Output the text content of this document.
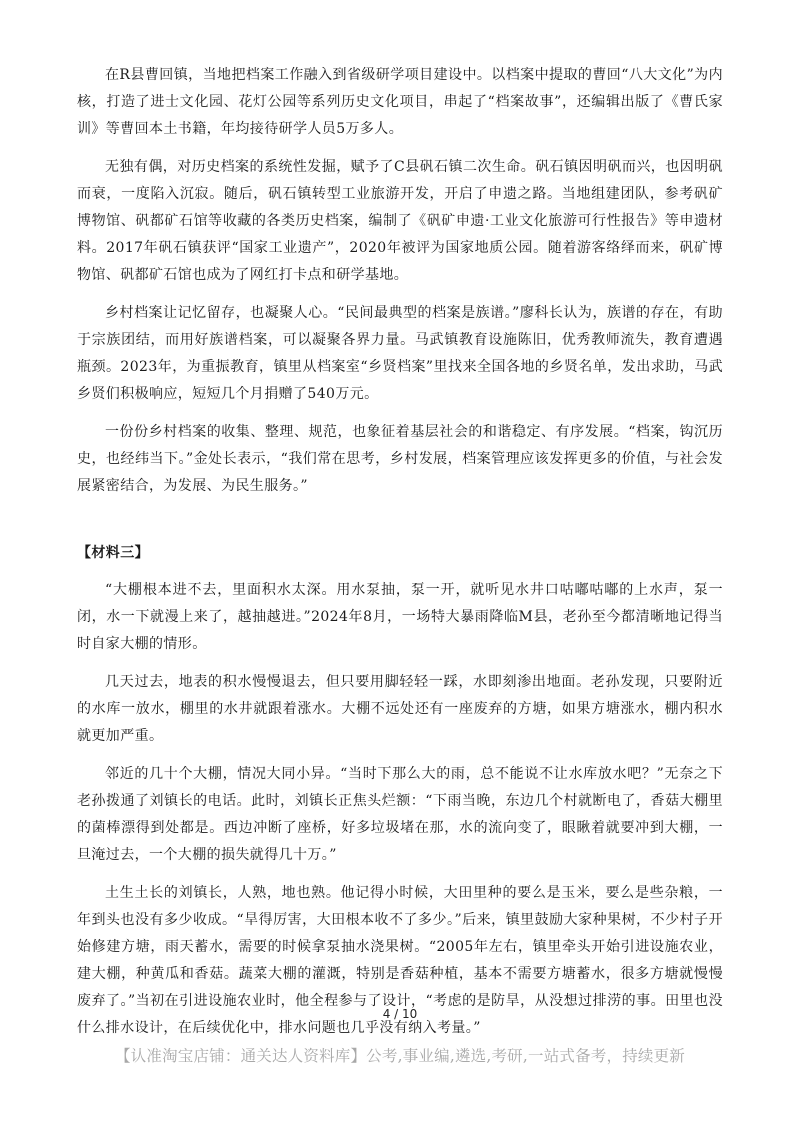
在R县曹回镇，当地把档案工作融入到省级研学项目建设中。以档案中提取的曹回“八大文化”为内核，打造了进士文化园、花灯公园等系列历史文化项目，串起了“档案故事”，还编辑出版了《曹氏家训》等曹回本土书籍，年均接待研学人员5万多人。

无独有偶，对历史档案的系统性发掘，赋予了C县矾石镇二次生命。矾石镇因明矾而兴，也因明矾而衰，一度陷入沉寂。随后，矾石镇转型工业旅游开发，开启了申遗之路。当地组建团队，参考矾矿博物馆、矾都矿石馆等收藏的各类历史档案，编制了《矾矿申遗·工业文化旅游可行性报告》等申遗材料。2017年矾石镇获评“国家工业遗产”，2020年被评为国家地质公园。随着游客络绎而来，矾矿博物馆、矾都矿石馆也成为了网红打卡点和研学基地。

乡村档案让记忆留存，也凝聚人心。“民间最典型的档案是族谱。”廖科长认为，族谱的存在，有助于宗族团结，而用好族谱档案，可以凝聚各界力量。马武镇教育设施陈旧，优秀教师流失，教育遭遇瓶颈。2023年，为重振教育，镇里从档案室“乡贤档案”里找来全国各地的乡贤名单，发出求助，马武乡贤们积极响应，短短几个月捐赠了540万元。

一份份乡村档案的收集、整理、规范，也象征着基层社会的和谐稳定、有序发展。“档案，钩沉历史，也经纬当下。”金处长表示，“我们常在思考，乡村发展，档案管理应该发挥更多的价值，与社会发展紧密结合，为发展、为民生服务。”

【材料三】

“大棚根本进不去，里面积水太深。用水泵抽，泵一开，就听见水井口咕嘟咕嘟的上水声，泵一闭，水一下就漫上来了，越抽越进。”2024年8月，一场特大暴雨降临M县，老孙至今都清晰地记得当时自家大棚的情形。

几天过去，地表的积水慢慢退去，但只要用脚轻轻一踩，水即刻渗出地面。老孙发现，只要附近的水库一放水，棚里的水井就跟着涨水。大棚不远处还有一座废弃的方塘，如果方塘涨水，棚内积水就更加严重。

邻近的几十个大棚，情况大同小异。“当时下那么大的雨，总不能说不让水库放水吧？”无奈之下老孙拨通了刘镇长的电话。此时，刘镇长正焦头烂额：“下雨当晚，东边几个村就断电了，香菇大棚里的菌棒漂得到处都是。西边冲断了座桥，好多垃圾堵在那，水的流向变了，眼瞅着就要冲到大棚，一旦淹过去，一个大棚的损失就得几十万。”

土生土长的刘镇长，人熟，地也熟。他记得小时候，大田里种的要么是玉米，要么是些杂粮，一年到头也没有多少收成。“旱得厉害，大田根本收不了多少。”后来，镇里鼓励大家种果树，不少村子开始修建方塘，雨天蓄水，需要的时候拿泵抽水浇果树。“2005年左右，镇里牵头开始引进设施农业，建大棚，种黄瓜和香菇。蔬菜大棚的灌溉，特别是香菇种植，基本不需要方塘蓄水，很多方塘就慢慢废弃了。”当初在引进设施农业时，他全程参与了设计，“考虑的是防旱，从没想过排涝的事。田里也没什么排水设计，在后续优化中，排水问题也几乎没有纳入考量。”

4 / 10
【认准淘宝店铺：通关达人资料库】公考,事业编,遴选,考研,一站式备考，持续更新
